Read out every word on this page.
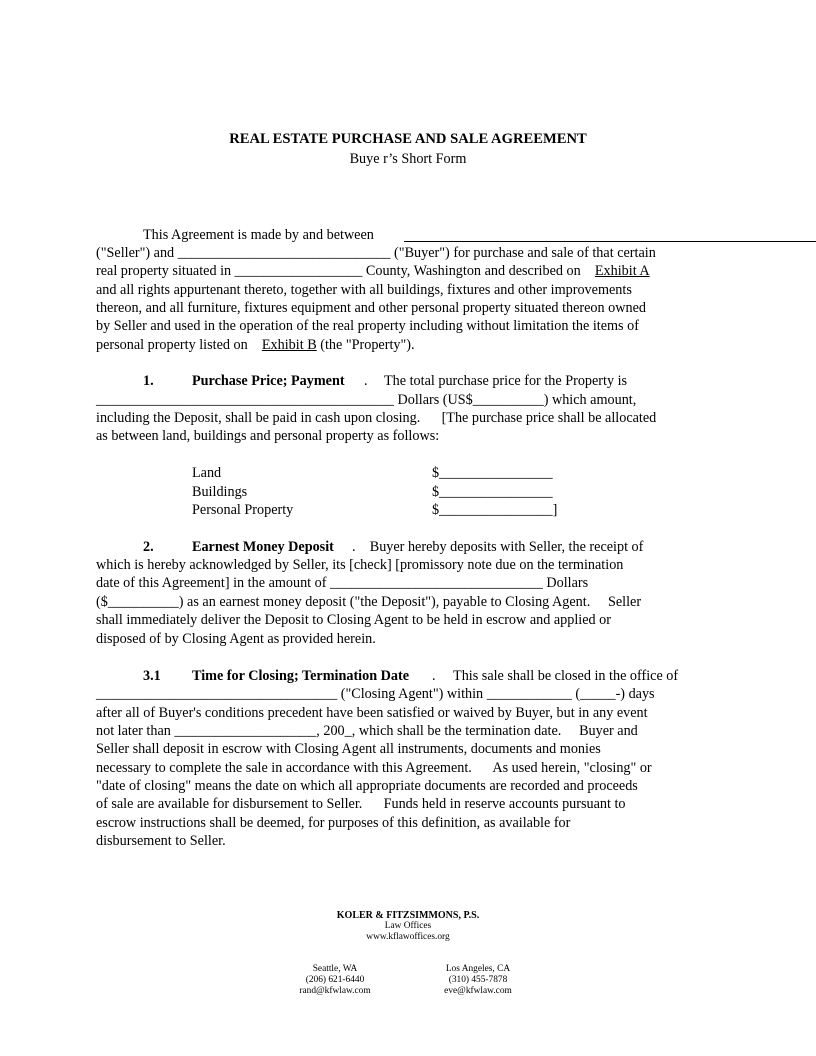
REAL ESTATE PURCHASE AND SALE AGREEMENT
Buye r’s Short Form
This Agreement is made by and between
("Seller") and ______________________________ ("Buyer") for purchase and sale of that certain
real property situated in __________________ County, Washington and described on Exhibit A
and all rights appurtenant thereto, together with all buildings, fixtures and other improvements
thereon, and all furniture, fixtures equipment and other personal property situated thereon owned
by Seller and used in the operation of the real property including without limitation the items of
personal property listed on Exhibit B (the "Property").
1.	Purchase Price; Payment . The total purchase price for the Property is
__________________________________________ Dollars (US$__________) which amount,
including the Deposit, shall be paid in cash upon closing.      [The purchase price shall be allocated
as between land, buildings and personal property as follows:
Land	$________________
Buildings	$________________
Personal Property	$________________]
2.	Earnest Money Deposit .    Buyer hereby deposits with Seller, the receipt of
which is hereby acknowledged by Seller, its [check] [promissory note due on the termination
date of this Agreement] in the amount of ______________________________ Dollars
($__________) as an earnest money deposit ("the Deposit"), payable to Closing Agent.     Seller
shall immediately deliver the Deposit to Closing Agent to be held in escrow and applied or
disposed of by Closing Agent as provided herein.
3.1 Time for Closing; Termination Date .     This sale shall be closed in the office of
__________________________________ ("Closing Agent") within ____________ (_____-) days
after all of Buyer's conditions precedent have been satisfied or waived by Buyer, but in any event
not later than ____________________, 200_, which shall be the termination date.     Buyer and
Seller shall deposit in escrow with Closing Agent all instruments, documents and monies
necessary to complete the sale in accordance with this Agreement.      As used herein, "closing" or
"date of closing" means the date on which all appropriate documents are recorded and proceeds
of sale are available for disbursement to Seller.      Funds held in reserve accounts pursuant to
escrow instructions shall be deemed, for purposes of this definition, as available for
disbursement to Seller.
KOLER & FITZSIMMONS, P.S.
Law Offices
www.kflawoffices.org
Seattle, WA
(206) 621-6440
rand@kfwlaw.com
Los Angeles, CA
(310) 455-7878
eve@kfwlaw.com
